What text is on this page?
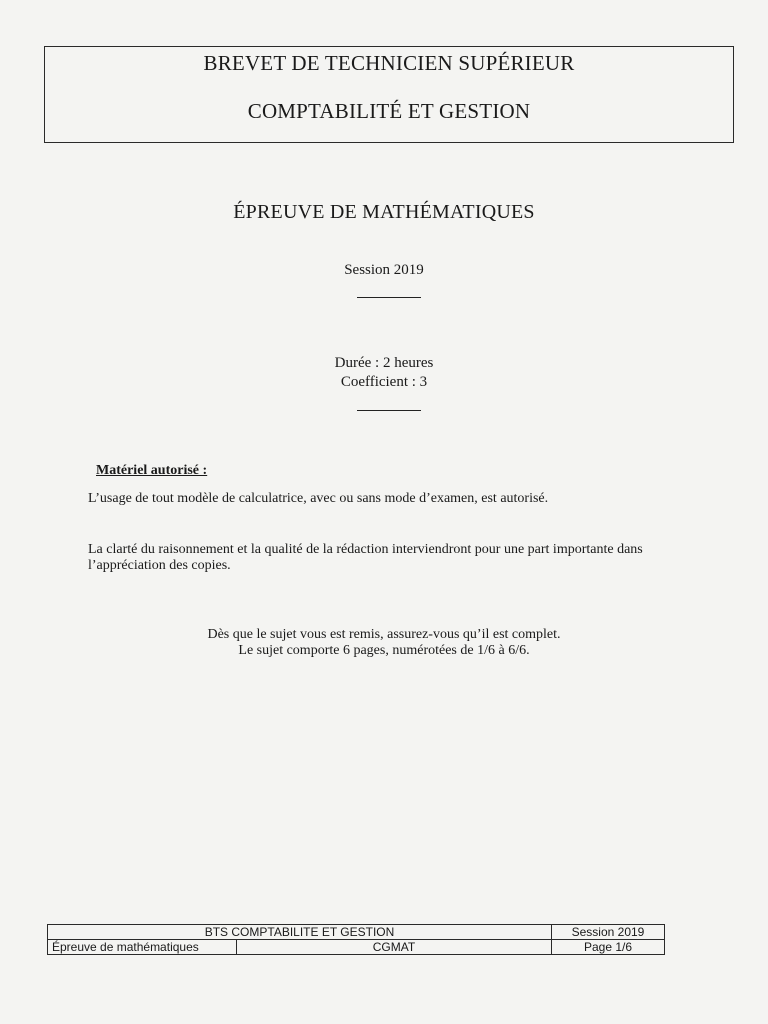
BREVET DE TECHNICIEN SUPÉRIEUR
COMPTABILITÉ ET GESTION
ÉPREUVE DE MATHÉMATIQUES
Session 2019
Durée : 2 heures
Coefficient : 3
Matériel autorisé :
L’usage de tout modèle de calculatrice, avec ou sans mode d’examen, est autorisé.
La clarté du raisonnement et la qualité de la rédaction interviendront pour une part importante dans
l’appréciation des copies.
Dès que le sujet vous est remis, assurez-vous qu’il est complet.
Le sujet comporte 6 pages, numérotées de 1/6 à 6/6.
BTS COMPTABILITE ET GESTION		Session 2019
Épreuve de mathématiques	CGMAT	Page 1/6
